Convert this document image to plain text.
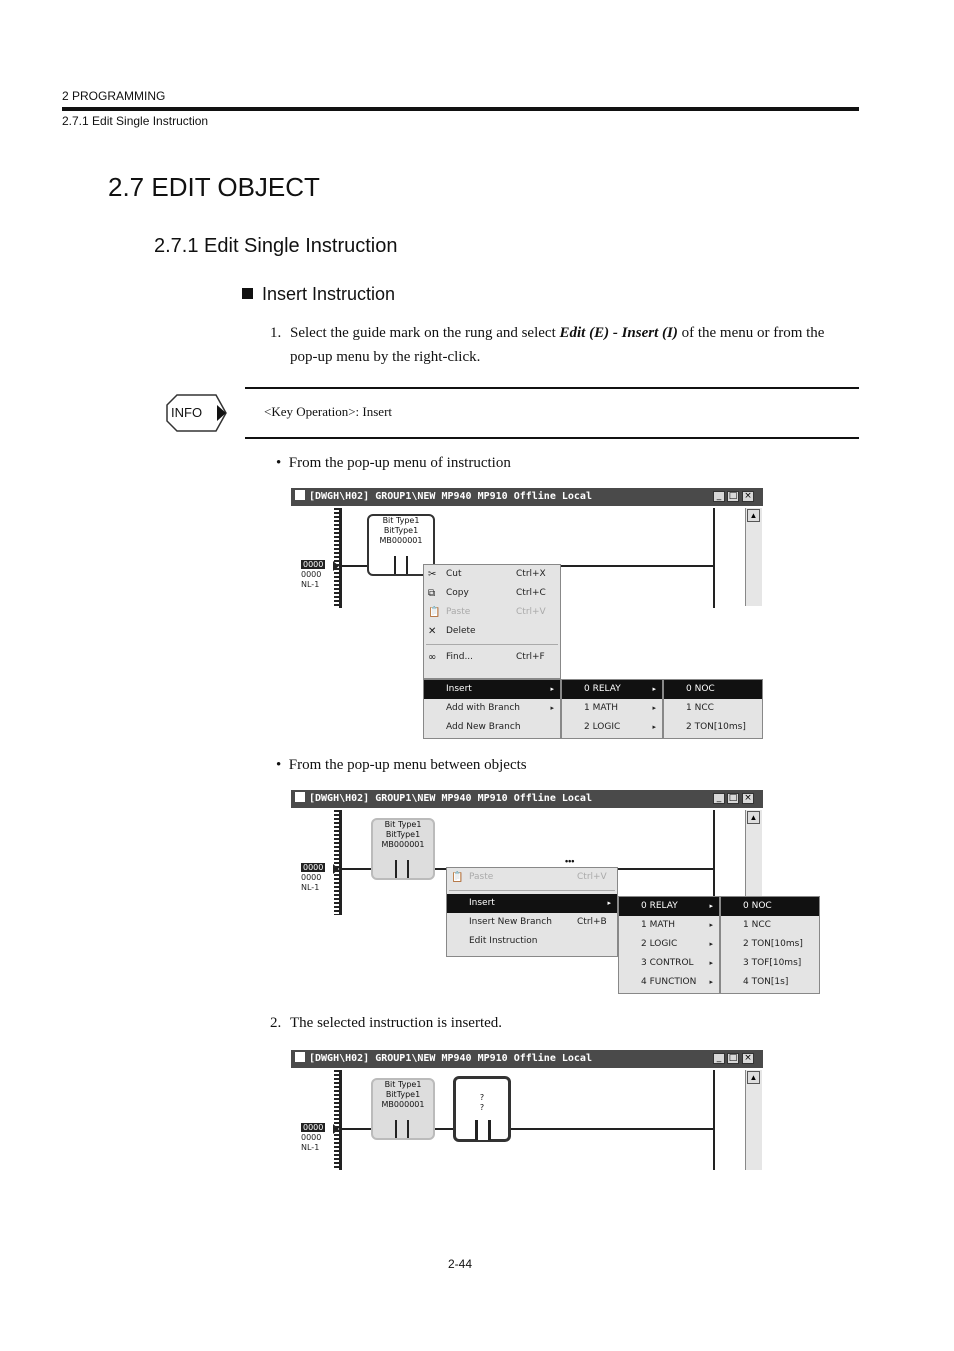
2 PROGRAMMING
2.7.1 Edit Single Instruction
2.7 EDIT OBJECT
2.7.1 Edit Single Instruction
Insert Instruction
1. Select the guide mark on the rung and select Edit (E) - Insert (I) of the menu or from the
pop-up menu by the right-click.
INFO	<Key Operation>: Insert
•  From the pop-up menu of instruction
[DWGH\H02] GROUP1\NEW MP940 MP910 Offline Local	_ □ ×
▲
0000
0000
NL-1
Bit Type1
BitType1
MB000001
✂ Cut	Ctrl+X
⧉ Copy	Ctrl+C
📋 Paste	Ctrl+V
✕ Delete
∞ Find...	Ctrl+F
Insert	▸
Add with Branch	▸
Add New Branch
0 RELAY	▸
1 MATH	▸
2 LOGIC	▸
0 NOC
1 NCC
2 TON[10ms]
•  From the pop-up menu between objects
[DWGH\H02] GROUP1\NEW MP940 MP910 Offline Local	_ □ ×
▲
0000
0000
NL-1
Bit Type1
BitType1
MB000001
•••
📋 Paste	Ctrl+V
Insert	▸
Insert New Branch	Ctrl+B
Edit Instruction
0 RELAY	▸
1 MATH	▸
2 LOGIC	▸
3 CONTROL ▸
4 FUNCTION ▸
0 NOC
1 NCC
2 TON[10ms]
3 TOF[10ms]
4 TON[1s]
2. The selected instruction is inserted.
[DWGH\H02] GROUP1\NEW MP940 MP910 Offline Local	_ □ ×
▲
0000
0000
NL-1
Bit Type1
BitType1
MB000001
?
?
2-44
